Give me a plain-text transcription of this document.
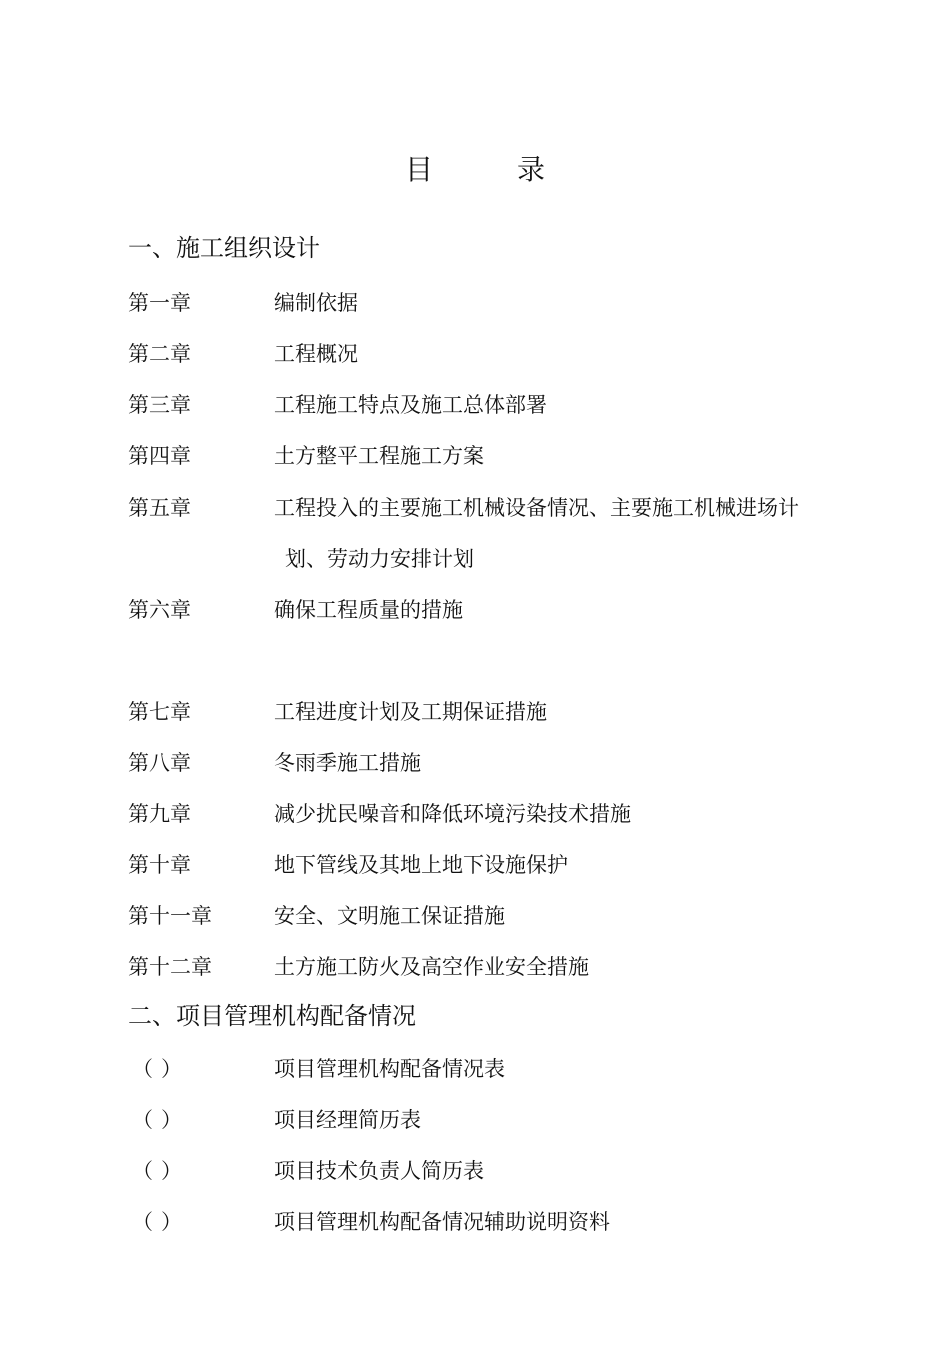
目	录
一、施工组织设计
第一章	编制依据
第二章	工程概况
第三章	工程施工特点及施工总体部署
第四章	土方整平工程施工方案
第五章	工程投入的主要施工机械设备情况、主要施工机械进场计
划、劳动力安排计划
第六章	确保工程质量的措施
第七章	工程进度计划及工期保证措施
第八章	冬雨季施工措施
第九章	减少扰民噪音和降低环境污染技术措施
第十章	地下管线及其地上地下设施保护
第十一章	安全、文明施工保证措施
第十二章	土方施工防火及高空作业安全措施
二、项目管理机构配备情况
（）	项目管理机构配备情况表
（）	项目经理简历表
（）	项目技术负责人简历表
（）	项目管理机构配备情况辅助说明资料
